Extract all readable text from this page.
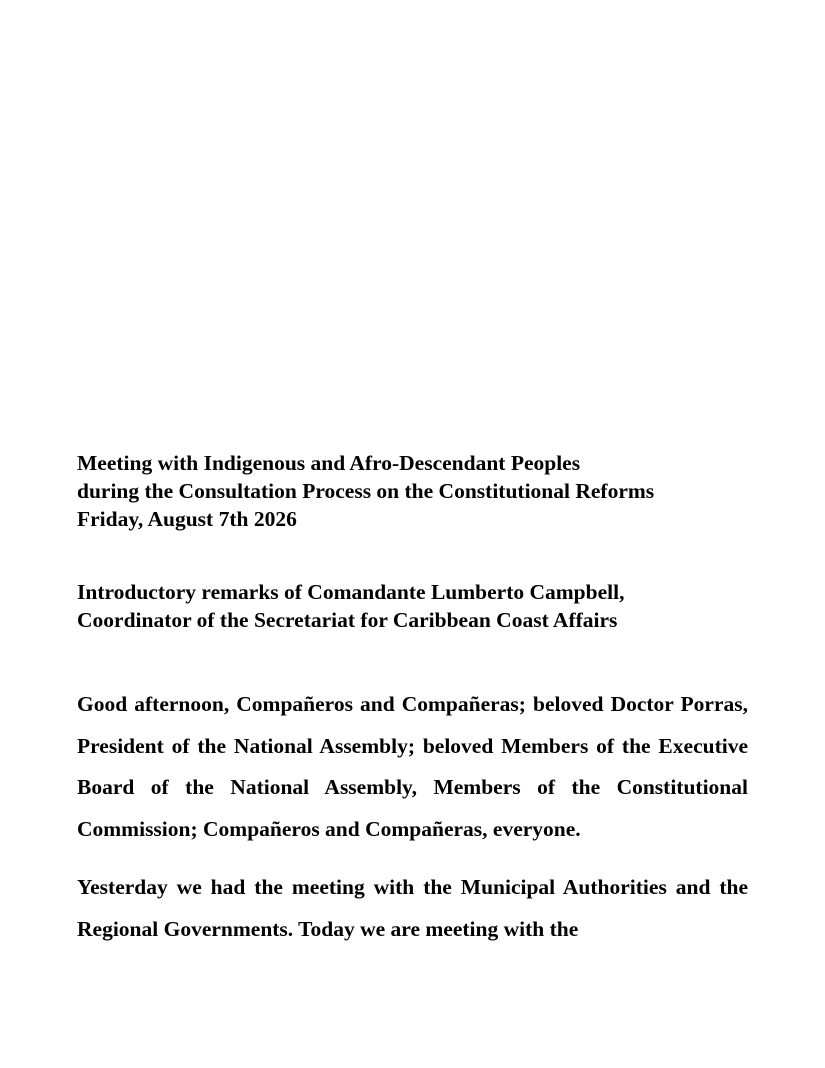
Meeting with Indigenous and Afro-Descendant Peoples
during the Consultation Process on the Constitutional Reforms
Friday, August 7th 2026
Introductory remarks of Comandante Lumberto Campbell,
Coordinator of the Secretariat for Caribbean Coast Affairs

Good afternoon, Compañeros and Compañeras; beloved Doctor Porras, President of the National Assembly; beloved Members of the Executive Board of the National Assembly, Members of the Constitutional Commission; Compañeros and Compañeras, everyone.

Yesterday we had the meeting with the Municipal Authorities and the Regional Governments. Today we are meeting with the
